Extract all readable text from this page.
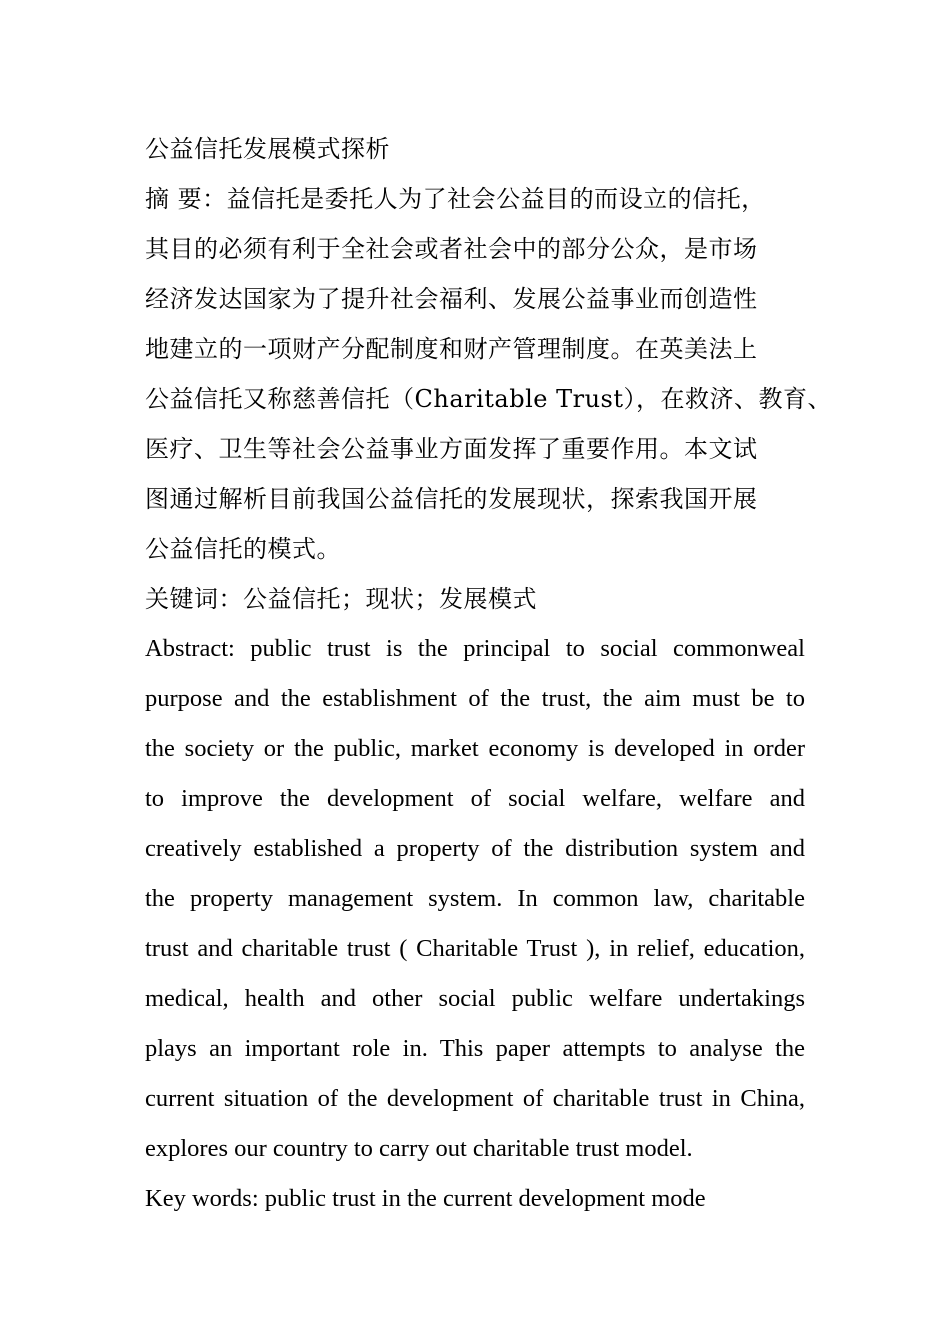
公益信托发展模式探析
摘 要：益信托是委托人为了社会公益目的而设立的信托，
其目的必须有利于全社会或者社会中的部分公众，是市场
经济发达国家为了提升社会福利、发展公益事业而创造性
地建立的一项财产分配制度和财产管理制度。在英美法上
公益信托又称慈善信托（Charitable Trust），在救济、教育、
医疗、卫生等社会公益事业方面发挥了重要作用。本文试
图通过解析目前我国公益信托的发展现状，探索我国开展
公益信托的模式。
关键词：公益信托；现状；发展模式
Abstract: public trust is the principal to social commonweal
purpose and the establishment of the trust, the aim must be to
the society or the public, market economy is developed in order
to improve the development of social welfare, welfare and
creatively established a property of the distribution system and
the property management system. In common law, charitable
trust and charitable trust ( Charitable Trust ), in relief, education,
medical, health and other social public welfare undertakings
plays an important role in. This paper attempts to analyse the
current situation of the development of charitable trust in China,
explores our country to carry out charitable trust model.
Key words: public trust in the current development mode
